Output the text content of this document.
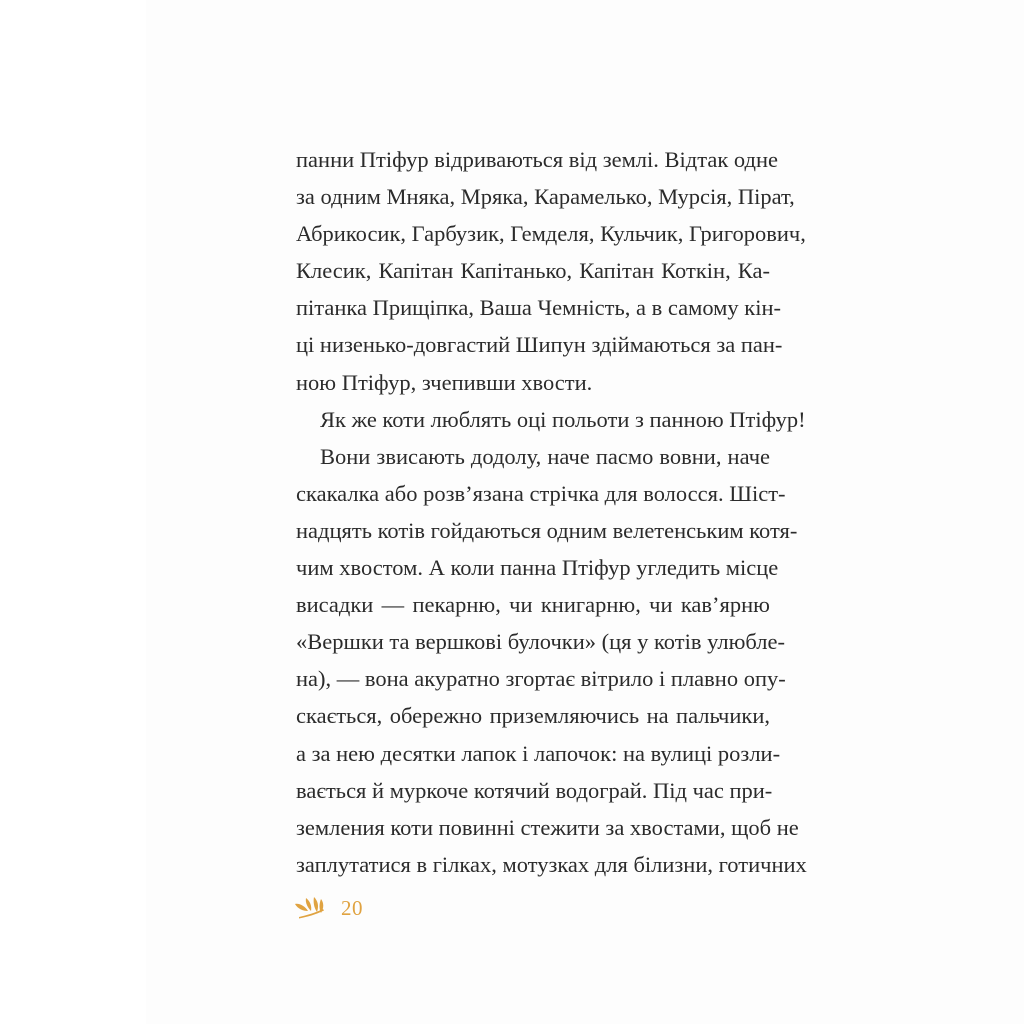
панни Птіфур відриваються від землі. Відтак одне
за одним Мняка, Мряка, Карамелько, Мурсія, Пірат,
Абрикосик, Гарбузик, Гемделя, Кульчик, Григорович,
Клесик, Капітан Капітанько, Капітан Коткін, Ка-
пітанка Прищіпка, Ваша Чемність, а в самому кін-
ці низенько-довгастий Шипун здіймаються за пан-
ною Птіфур, зчепивши хвости.
Як же коти люблять оці польоти з панною Птіфур!
Вони звисають додолу, наче пасмо вовни, наче
скакалка або розв’язана стрічка для волосся. Шіст-
надцять котів гойдаються одним велетенським котя-
чим хвостом. А коли панна Птіфур угледить місце
висадки — пекарню, чи книгарню, чи кав’ярню
«Вершки та вершкові булочки» (ця у котів улюбле-
на), — вона акуратно згортає вітрило і плавно опу-
скається, обережно приземляючись на пальчики,
а за нею десятки лапок і лапочок: на вулиці розли-
вається й муркоче котячий водограй. Під час при-
земления коти повинні стежити за хвостами, щоб не
заплутатися в гілках, мотузках для білизни, готичних
20
